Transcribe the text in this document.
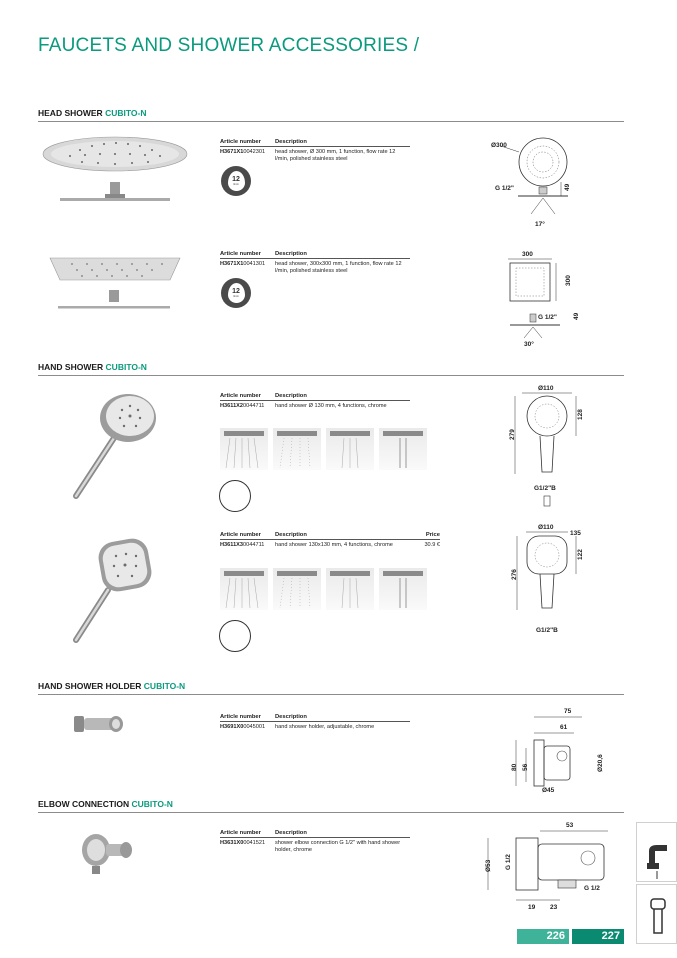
FAUCETS AND SHOWER ACCESSORIES /
HEAD SHOWER CUBITO-N
Article number	Description
H3671X10042301	head shower, Ø 300 mm, 1 function, flow rate 12 l/min, polished stainless steel
12
l/min
Ø300
G 1/2"	49
17°
Article number	Description
H3671X10041301	head shower, 300x300 mm, 1 function, flow rate 12 l/min, polished stainless steel
12
l/min
300
300
G 1/2" 49
30°
HAND SHOWER CUBITO-N
Article number	Description
H3611X20044711	hand shower Ø 130 mm, 4 functions, chrome
Ø110
128
279
G1/2"B
Article number	Description	Price
H3611X30044711	hand shower 130x130 mm, 4 functions, chrome	30.9 €
Ø110
135
122
276
G1/2"B
HAND SHOWER HOLDER CUBITO-N
Article number	Description
H3691X00045001	hand shower holder, adjustable, chrome
75
61
80 56	Ø20,6
Ø45
ELBOW CONNECTION CUBITO-N
Article number	Description
H3631X00041521	shower elbow connection G 1/2" with hand shower holder, chrome
53
Ø53 G 1/2
G 1/2
19 23
226	227
